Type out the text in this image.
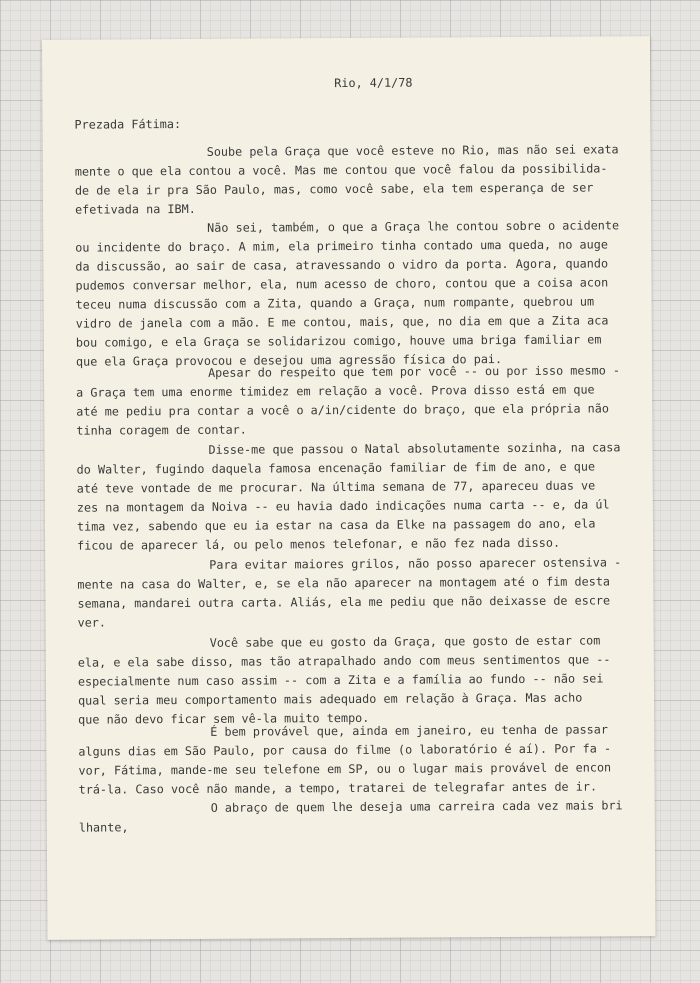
Rio, 4/1/78
Prezada Fátima:
Soube pela Graça que você esteve no Rio, mas não sei exata
mente o que ela contou a você. Mas me contou que você falou da possibilida-
de de ela ir pra São Paulo, mas, como você sabe, ela tem esperança de ser
efetivada na IBM.
Não sei, também, o que a Graça lhe contou sobre o acidente
ou incidente do braço. A mim, ela primeiro tinha contado uma queda, no auge
da discussão, ao sair de casa, atravessando o vidro da porta. Agora, quando
pudemos conversar melhor, ela, num acesso de choro, contou que a coisa acon
teceu numa discussão com a Zita, quando a Graça, num rompante, quebrou um
vidro de janela com a mão. E me contou, mais, que, no dia em que a Zita aca
bou comigo, e ela Graça se solidarizou comigo, houve uma briga familiar em
que ela Graça provocou e desejou uma agressão física do pai.
Apesar do respeito que tem por você -- ou por isso mesmo -
a Graça tem uma enorme timidez em relação a você. Prova disso está em que
até me pediu pra contar a você o a/in/cidente do braço, que ela própria não
tinha coragem de contar.
Disse-me que passou o Natal absolutamente sozinha, na casa
do Walter, fugindo daquela famosa encenação familiar de fim de ano, e que
até teve vontade de me procurar. Na última semana de 77, apareceu duas ve
zes na montagem da Noiva -- eu havia dado indicações numa carta -- e, da úl
tima vez, sabendo que eu ia estar na casa da Elke na passagem do ano, ela
ficou de aparecer lá, ou pelo menos telefonar, e não fez nada disso.
Para evitar maiores grilos, não posso aparecer ostensiva -
mente na casa do Walter, e, se ela não aparecer na montagem até o fim desta
semana, mandarei outra carta. Aliás, ela me pediu que não deixasse de escre
ver.
Você sabe que eu gosto da Graça, que gosto de estar com
ela, e ela sabe disso, mas tão atrapalhado ando com meus sentimentos que --
especialmente num caso assim -- com a Zita e a família ao fundo -- não sei
qual seria meu comportamento mais adequado em relação à Graça. Mas acho
que não devo ficar sem vê-la muito tempo.
É bem provável que, ainda em janeiro, eu tenha de passar
alguns dias em São Paulo, por causa do filme (o laboratório é aí). Por fa -
vor, Fátima, mande-me seu telefone em SP, ou o lugar mais provável de encon
trá-la. Caso você não mande, a tempo, tratarei de telegrafar antes de ir.
O abraço de quem lhe deseja uma carreira cada vez mais bri
lhante,
